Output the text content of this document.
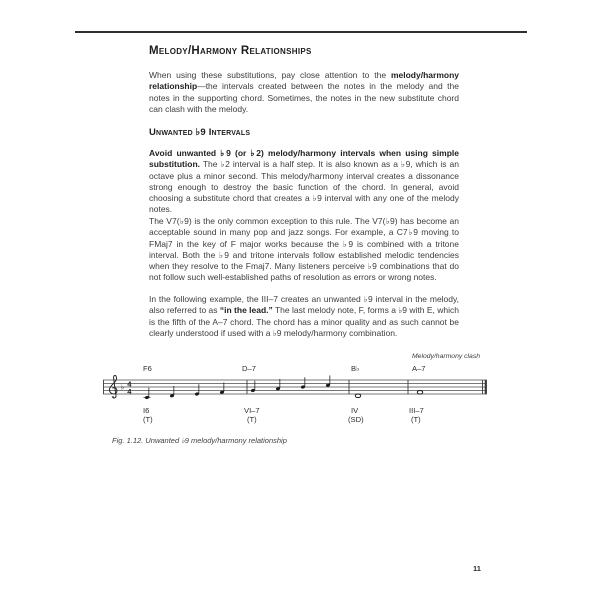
Melody/Harmony Relationships
When using these substitutions, pay close attention to the melody/harmony relationship—the intervals created between the notes in the melody and the notes in the supporting chord. Sometimes, the notes in the new substitute chord can clash with the melody.
Unwanted ♭9 Intervals
Avoid unwanted ♭9 (or ♭2) melody/harmony intervals when using simple substitution. The ♭2 interval is a half step. It is also known as a ♭9, which is an octave plus a minor second. This melody/harmony interval creates a dissonance strong enough to destroy the basic function of the chord. In general, avoid choosing a substitute chord that creates a ♭9 interval with any one of the melody notes.
The V7(♭9) is the only common exception to this rule. The V7(♭9) has become an acceptable sound in many pop and jazz songs. For example, a C7♭9 moving to FMaj7 in the key of F major works because the ♭9 is combined with a tritone interval. Both the ♭9 and tritone intervals follow established melodic tendencies when they resolve to the Fmaj7. Many listeners perceive ♭9 combinations that do not follow such well-established paths of resolution as errors or wrong notes.
In the following example, the III–7 creates an unwanted ♭9 interval in the melody, also referred to as “in the lead.” The last melody note, F, forms a ♭9 with E, which is the fifth of the A–7 chord. The chord has a minor quality and as such cannot be clearly understood if used with a ♭9 melody/harmony combination.
♭ 4
4
Melody/harmony clash
F6	D–7	B♭	A–7
I6	VI–7	IV	III–7
(T)	(T)	(SD)	(T)
Fig. 1.12. Unwanted ♭9 melody/harmony relationship
11
